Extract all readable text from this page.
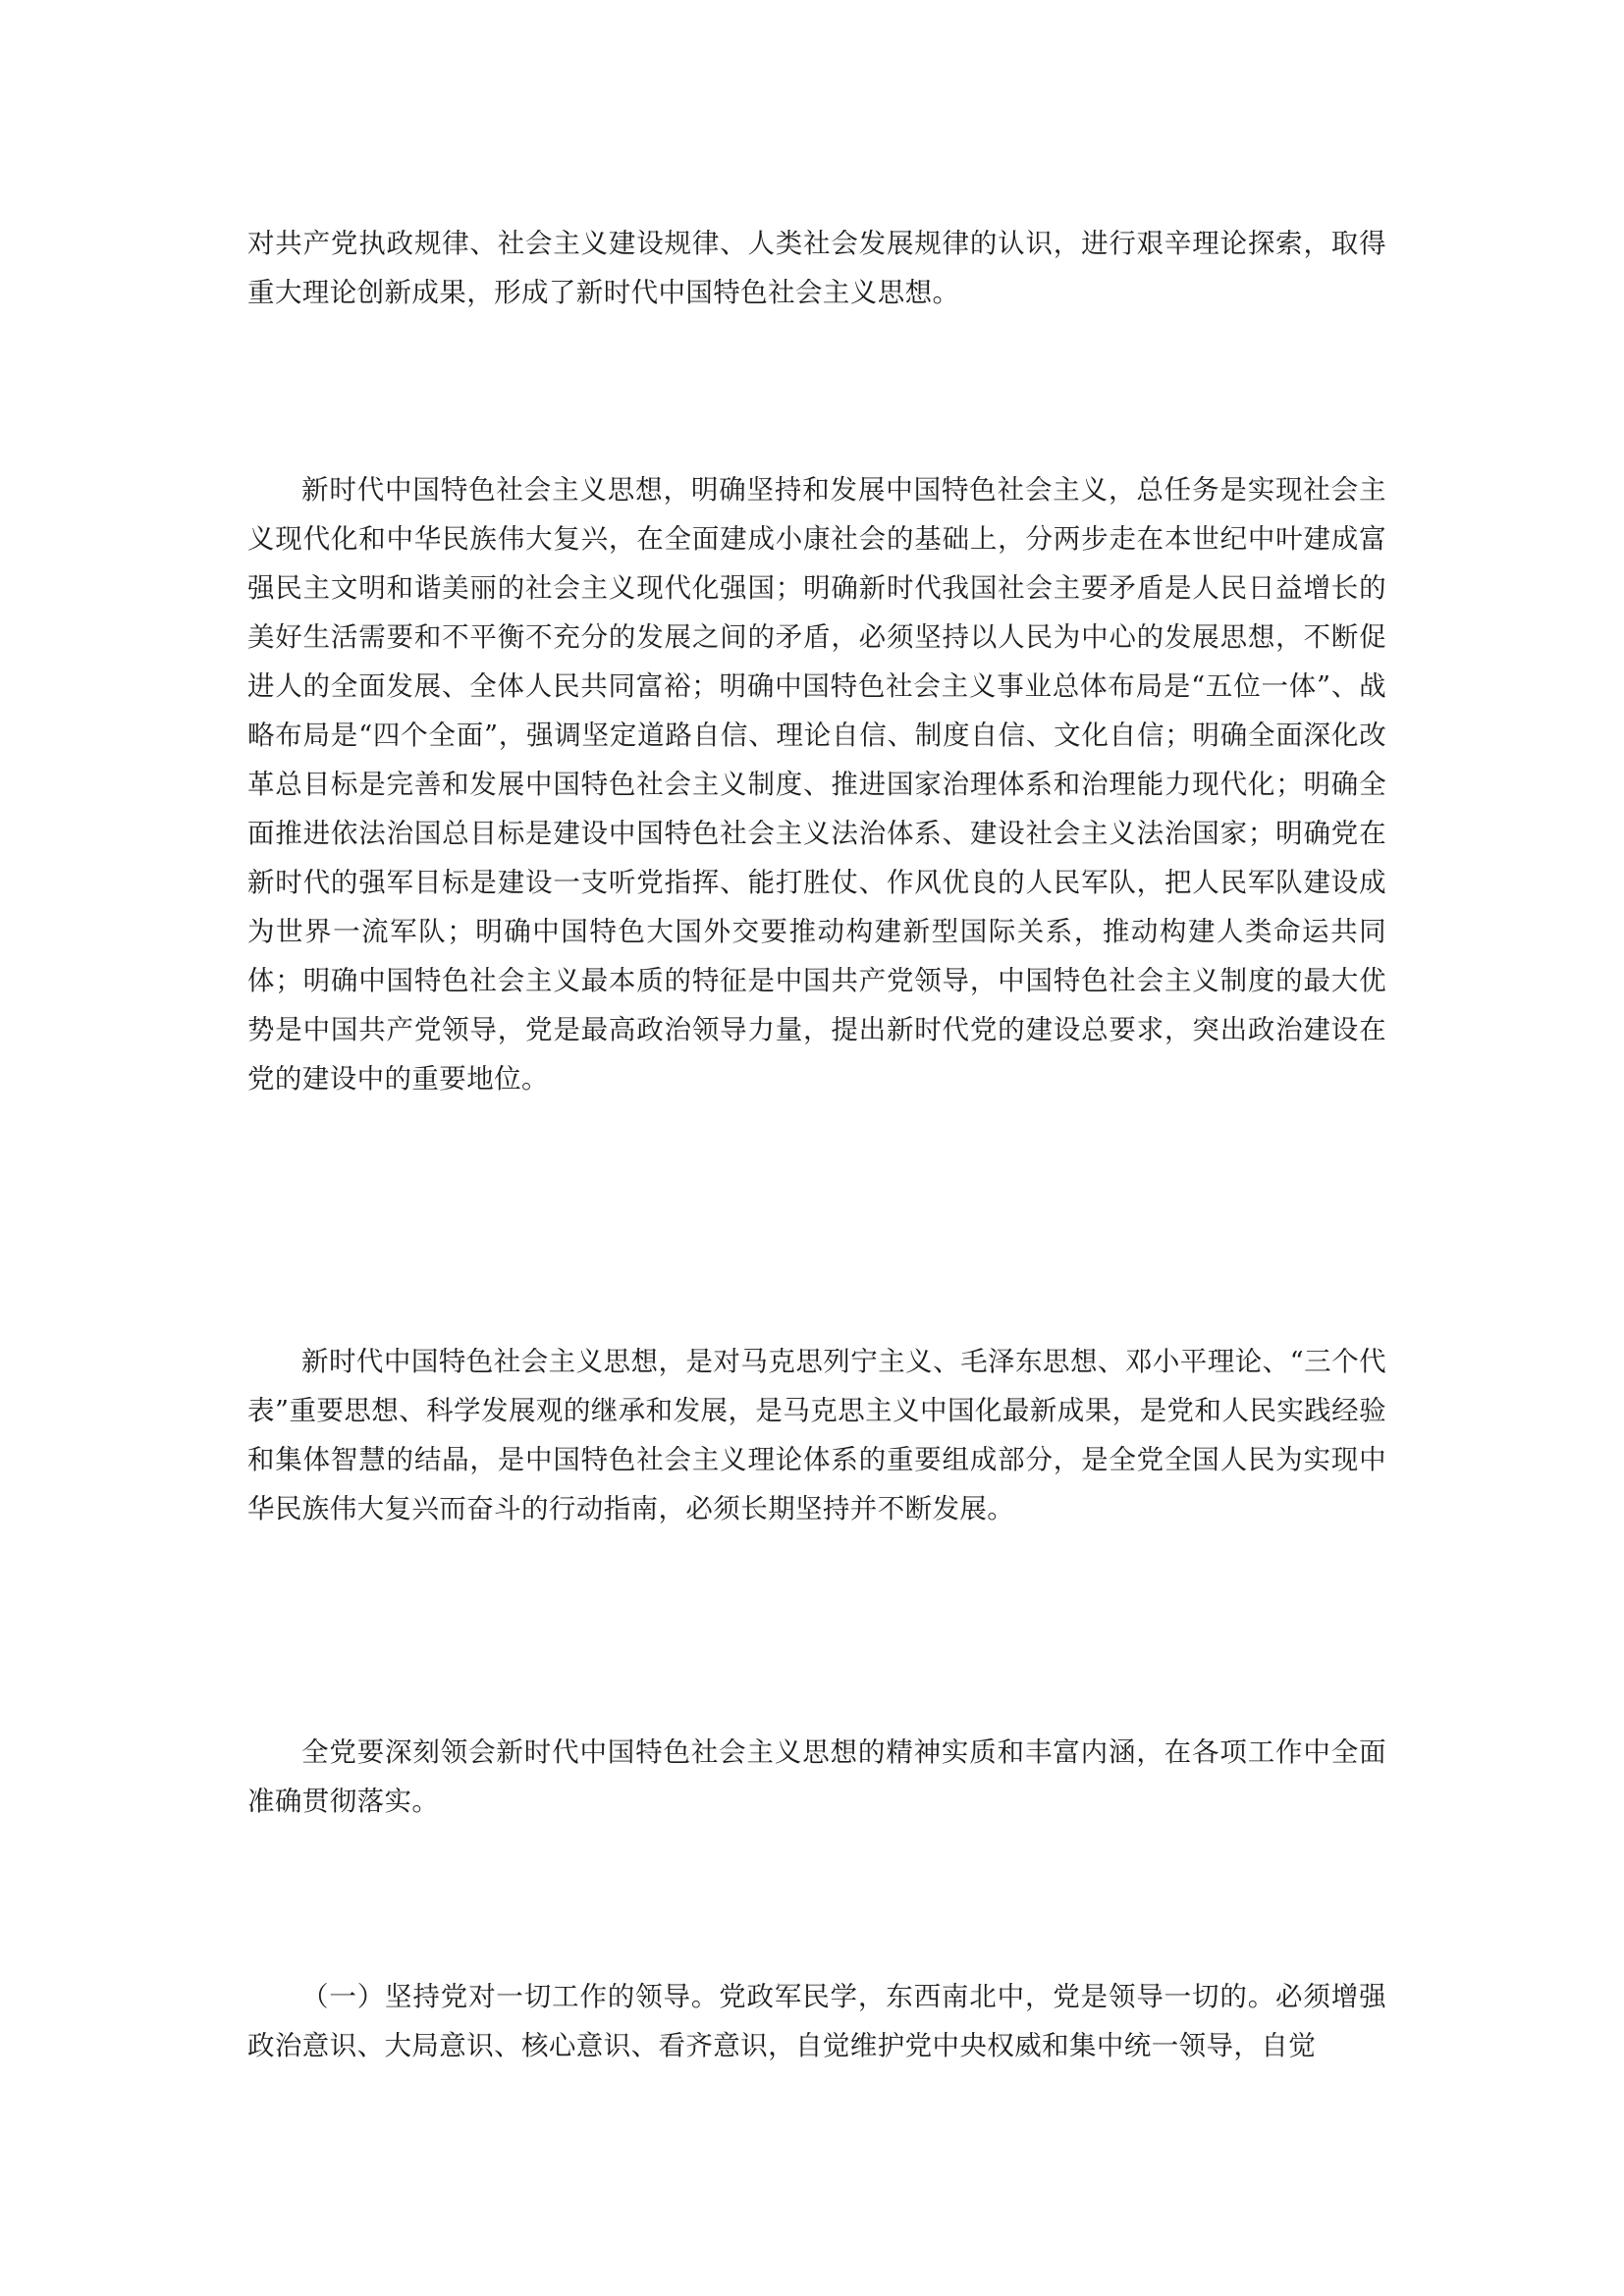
对共产党执政规律、社会主义建设规律、人类社会发展规律的认识，进行艰辛理论探索，取得重大理论创新成果，形成了新时代中国特色社会主义思想。

新时代中国特色社会主义思想，明确坚持和发展中国特色社会主义，总任务是实现社会主义现代化和中华民族伟大复兴，在全面建成小康社会的基础上，分两步走在本世纪中叶建成富强民主文明和谐美丽的社会主义现代化强国；明确新时代我国社会主要矛盾是人民日益增长的美好生活需要和不平衡不充分的发展之间的矛盾，必须坚持以人民为中心的发展思想，不断促进人的全面发展、全体人民共同富裕；明确中国特色社会主义事业总体布局是“五位一体”、战略布局是“四个全面”，强调坚定道路自信、理论自信、制度自信、文化自信；明确全面深化改革总目标是完善和发展中国特色社会主义制度、推进国家治理体系和治理能力现代化；明确全面推进依法治国总目标是建设中国特色社会主义法治体系、建设社会主义法治国家；明确党在新时代的强军目标是建设一支听党指挥、能打胜仗、作风优良的人民军队，把人民军队建设成为世界一流军队；明确中国特色大国外交要推动构建新型国际关系，推动构建人类命运共同体；明确中国特色社会主义最本质的特征是中国共产党领导，中国特色社会主义制度的最大优势是中国共产党领导，党是最高政治领导力量，提出新时代党的建设总要求，突出政治建设在党的建设中的重要地位。

新时代中国特色社会主义思想，是对马克思列宁主义、毛泽东思想、邓小平理论、“三个代表”重要思想、科学发展观的继承和发展，是马克思主义中国化最新成果，是党和人民实践经验和集体智慧的结晶，是中国特色社会主义理论体系的重要组成部分，是全党全国人民为实现中华民族伟大复兴而奋斗的行动指南，必须长期坚持并不断发展。

全党要深刻领会新时代中国特色社会主义思想的精神实质和丰富内涵，在各项工作中全面准确贯彻落实。

（一）坚持党对一切工作的领导。党政军民学，东西南北中，党是领导一切的。必须增强政治意识、大局意识、核心意识、看齐意识，自觉维护党中央权威和集中统一领导，自觉
